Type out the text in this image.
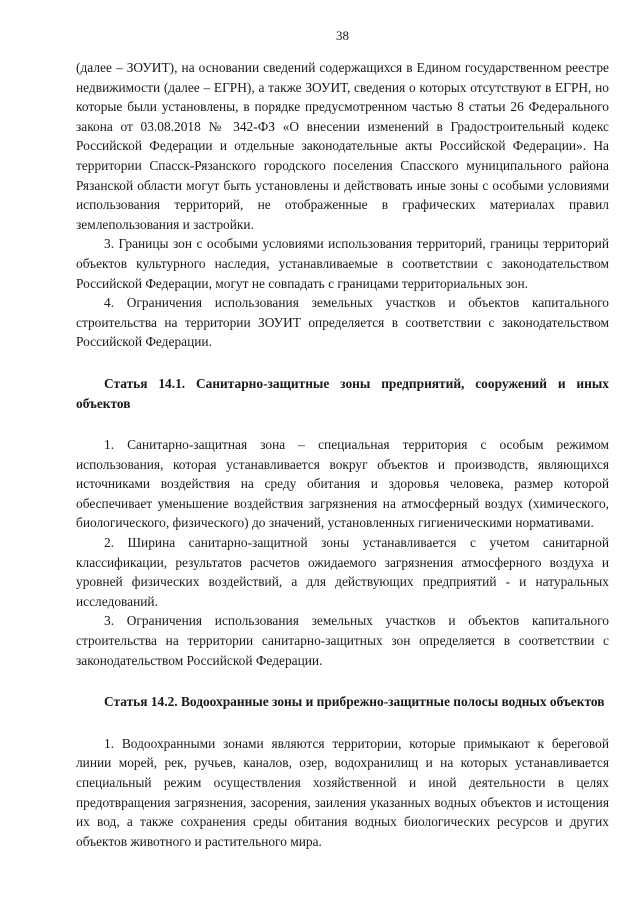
38

(далее – ЗОУИТ), на основании сведений содержащихся в Едином государственном реестре недвижимости (далее – ЕГРН), а также ЗОУИТ, сведения о которых отсутствуют в ЕГРН, но которые были установлены, в порядке предусмотренном частью 8 статьи 26 Федерального закона от 03.08.2018 № 342-ФЗ «О внесении изменений в Градостроительный кодекс Российской Федерации и отдельные законодательные акты Российской Федерации». На территории Спасск-Рязанского городского поселения Спасского муниципального района Рязанской области могут быть установлены и действовать иные зоны с особыми условиями использования территорий, не отображенные в графических материалах правил землепользования и застройки.

3. Границы зон с особыми условиями использования территорий, границы территорий объектов культурного наследия, устанавливаемые в соответствии с законодательством Российской Федерации, могут не совпадать с границами территориальных зон.

4. Ограничения использования земельных участков и объектов капитального строительства на территории ЗОУИТ определяется в соответствии с законодательством Российской Федерации.

Статья 14.1. Санитарно-защитные зоны предприятий, сооружений и иных объектов

1. Санитарно-защитная зона – специальная территория с особым режимом использования, которая устанавливается вокруг объектов и производств, являющихся источниками воздействия на среду обитания и здоровья человека, размер которой обеспечивает уменьшение воздействия загрязнения на атмосферный воздух (химического, биологического, физического) до значений, установленных гигиеническими нормативами.

2. Ширина санитарно-защитной зоны устанавливается с учетом санитарной классификации, результатов расчетов ожидаемого загрязнения атмосферного воздуха и уровней физических воздействий, а для действующих предприятий - и натуральных исследований.

3. Ограничения использования земельных участков и объектов капитального строительства на территории санитарно-защитных зон определяется в соответствии с законодательством Российской Федерации.

Статья 14.2. Водоохранные зоны и прибрежно-защитные полосы водных объектов

1. Водоохранными зонами являются территории, которые примыкают к береговой линии морей, рек, ручьев, каналов, озер, водохранилищ и на которых устанавливается специальный режим осуществления хозяйственной и иной деятельности в целях предотвращения загрязнения, засорения, заиления указанных водных объектов и истощения их вод, а также сохранения среды обитания водных биологических ресурсов и других объектов животного и растительного мира.
